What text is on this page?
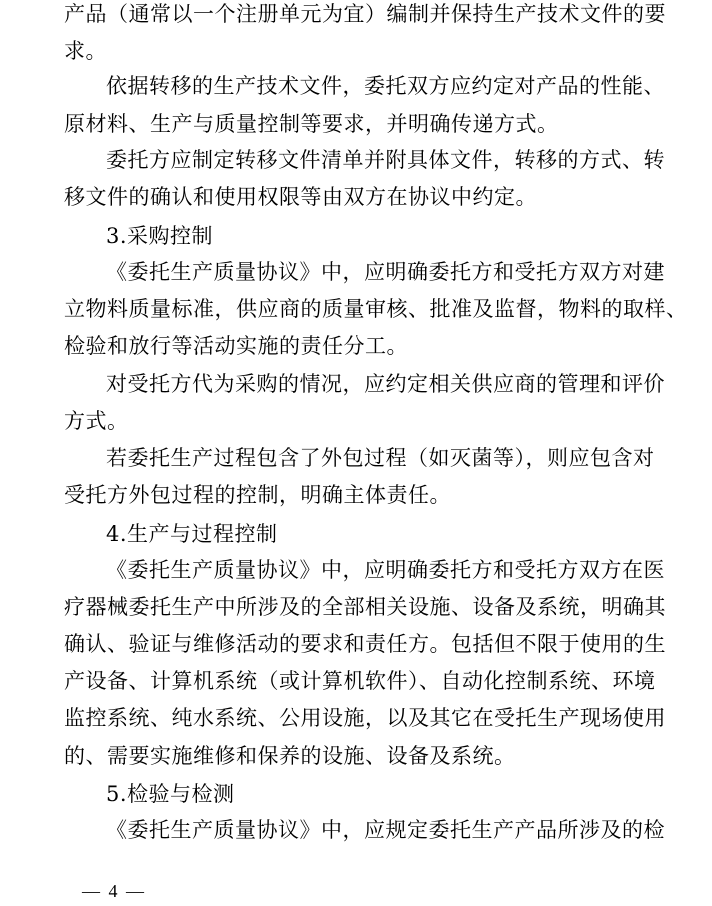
产品（通常以一个注册单元为宜）编制并保持生产技术文件的要
求。
依据转移的生产技术文件，委托双方应约定对产品的性能、
原材料、生产与质量控制等要求，并明确传递方式。
委托方应制定转移文件清单并附具体文件，转移的方式、转
移文件的确认和使用权限等由双方在协议中约定。
3.采购控制
《委托生产质量协议》中，应明确委托方和受托方双方对建
立物料质量标准，供应商的质量审核、批准及监督，物料的取样、
检验和放行等活动实施的责任分工。
对受托方代为采购的情况，应约定相关供应商的管理和评价
方式。
若委托生产过程包含了外包过程（如灭菌等），则应包含对
受托方外包过程的控制，明确主体责任。
4.生产与过程控制
《委托生产质量协议》中，应明确委托方和受托方双方在医
疗器械委托生产中所涉及的全部相关设施、设备及系统，明确其
确认、验证与维修活动的要求和责任方。包括但不限于使用的生
产设备、计算机系统（或计算机软件）、自动化控制系统、环境
监控系统、纯水系统、公用设施，以及其它在受托生产现场使用
的、需要实施维修和保养的设施、设备及系统。
5.检验与检测
《委托生产质量协议》中，应规定委托生产产品所涉及的检
— 4 —
